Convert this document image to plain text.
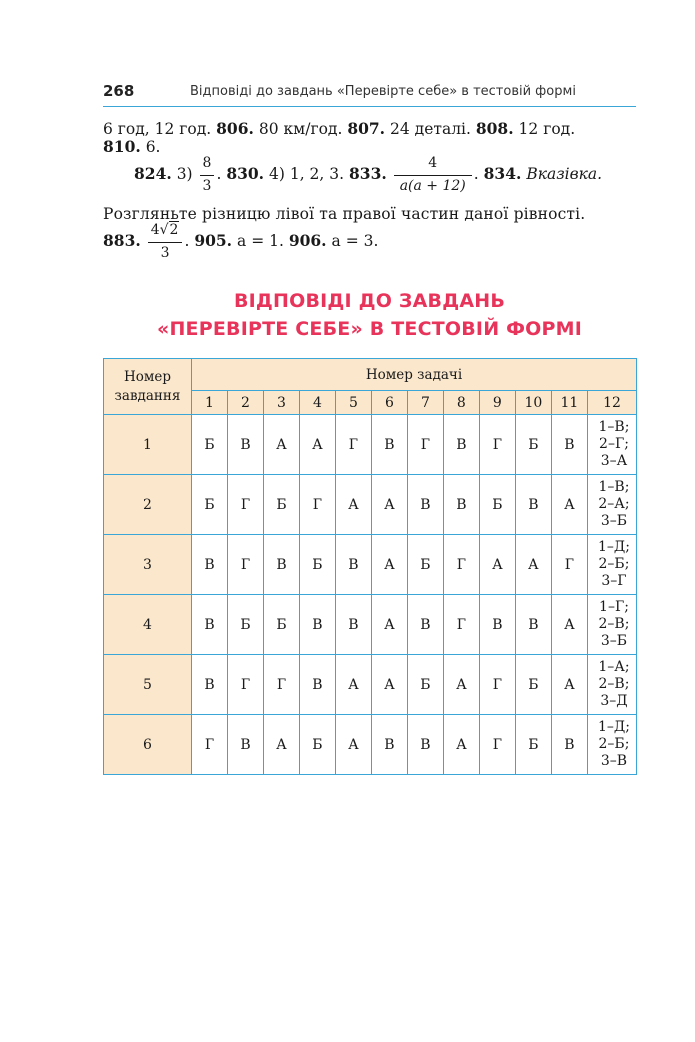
268	Відповіді до завдань «Перевірте себе» в тестовій формі
6 год, 12 год. 806. 80 км/год. 807. 24 деталі. 808. 12 год.
810. 6.
824. $3) \frac{8}{3}$ . 830. 4) 1, 2, 3. 833. $\frac{4}{a(a + 12)}$ . 834. Вказівка.
Розгляньте різницю лівої та правої частин даної рівності.
883. $\frac{4√2}{3}$ . 905. a = 1. 906. a = 3.
ВІДПОВІДІ ДО ЗАВДАНЬ
«ПЕРЕВІРТЕ СЕБЕ» В ТЕСТОВІЙ ФОРМІ
Номер
завдання	Номер задачі											
	1	2	3	4	5	6	7	8	9	10	11	12
1	Б	В	А	А	Г	В	Г	В	Г	Б	В	1–В;
2–Г;
3–А

2	Б	Г	Б	Г	А	А	В	В	Б	В	А	1–В;
2–А;
3–Б

3	В	Г	В	Б	В	А	Б	Г	А	А	Г	1–Д;
2–Б;
3–Г

4	В	Б	Б	В	В	А	В	Г	В	В	А	1–Г;
2–В;
3–Б

5	В	Г	Г	В	А	А	Б	А	Г	Б	А	1–А;
2–В;
3–Д

6	Г	В	А	Б	А	В	В	А	Г	Б	В	1–Д;
2–Б;
3–В
